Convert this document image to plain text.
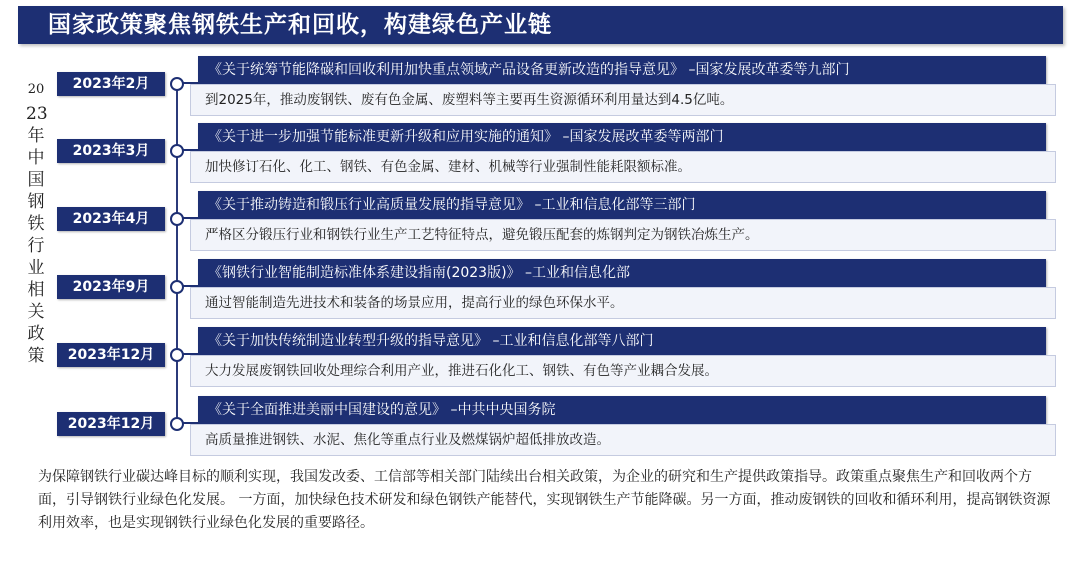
国家政策聚焦钢铁生产和回收，构建绿色产业链
20
23
年
中
国
钢
铁
行
业
相
关
政
策
2023年2月
《关于统筹节能降碳和回收利用加快重点领域产品设备更新改造的指导意见》 –国家发展改革委等九部门
到2025年，推动废钢铁、废有色金属、废塑料等主要再生资源循环利用量达到4.5亿吨。
2023年3月
《关于进一步加强节能标准更新升级和应用实施的通知》 –国家发展改革委等两部门
加快修订石化、化工、钢铁、有色金属、建材、机械等行业强制性能耗限额标准。
2023年4月
《关于推动铸造和锻压行业高质量发展的指导意见》 –工业和信息化部等三部门
严格区分锻压行业和钢铁行业生产工艺特征特点，避免锻压配套的炼钢判定为钢铁冶炼生产。
2023年9月
《钢铁行业智能制造标准体系建设指南(2023版)》 –工业和信息化部
通过智能制造先进技术和装备的场景应用，提高行业的绿色环保水平。
2023年12月
《关于加快传统制造业转型升级的指导意见》 –工业和信息化部等八部门
大力发展废钢铁回收处理综合利用产业，推进石化化工、钢铁、有色等产业耦合发展。
2023年12月
《关于全面推进美丽中国建设的意见》 –中共中央国务院
高质量推进钢铁、水泥、焦化等重点行业及燃煤锅炉超低排放改造。
为保障钢铁行业碳达峰目标的顺利实现，我国发改委、工信部等相关部门陆续出台相关政策，为企业的研究和生产提供政策指导。政策重点聚焦生产和回收两个方面，引导钢铁行业绿色化发展。 一方面，加快绿色技术研发和绿色钢铁产能替代，实现钢铁生产节能降碳。另一方面，推动废钢铁的回收和循环利用，提高钢铁资源利用效率，也是实现钢铁行业绿色化发展的重要路径。
